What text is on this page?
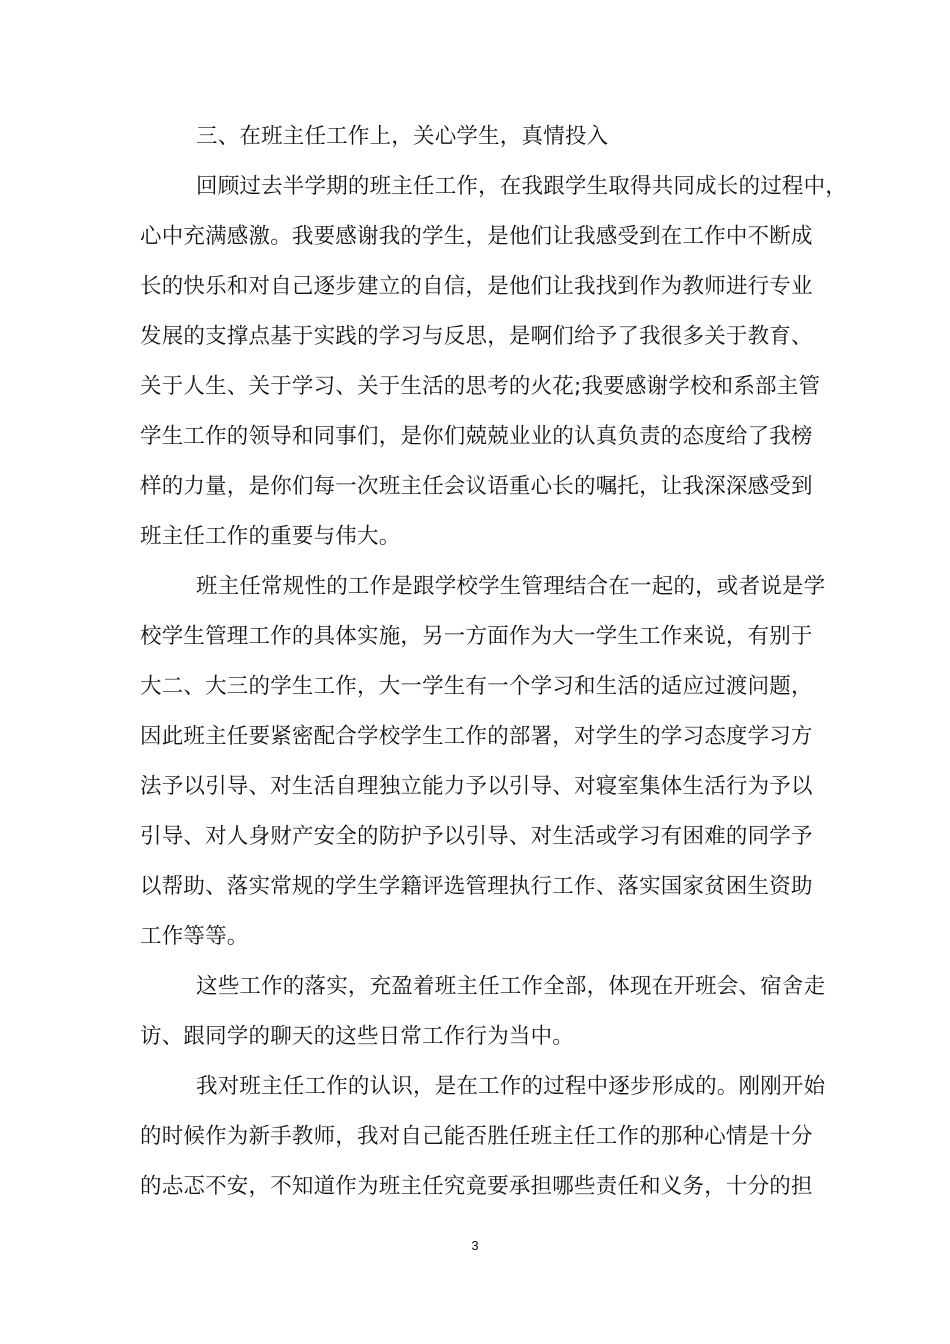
三、在班主任工作上，关心学生，真情投入
回顾过去半学期的班主任工作，在我跟学生取得共同成长的过程中，
心中充满感激。我要感谢我的学生，是他们让我感受到在工作中不断成
长的快乐和对自己逐步建立的自信，是他们让我找到作为教师进行专业
发展的支撑点基于实践的学习与反思，是啊们给予了我很多关于教育、
关于人生、关于学习、关于生活的思考的火花;我要感谢学校和系部主管
学生工作的领导和同事们，是你们兢兢业业的认真负责的态度给了我榜
样的力量，是你们每一次班主任会议语重心长的嘱托，让我深深感受到
班主任工作的重要与伟大。
班主任常规性的工作是跟学校学生管理结合在一起的，或者说是学
校学生管理工作的具体实施，另一方面作为大一学生工作来说，有别于
大二、大三的学生工作，大一学生有一个学习和生活的适应过渡问题，
因此班主任要紧密配合学校学生工作的部署，对学生的学习态度学习方
法予以引导、对生活自理独立能力予以引导、对寝室集体生活行为予以
引导、对人身财产安全的防护予以引导、对生活或学习有困难的同学予
以帮助、落实常规的学生学籍评选管理执行工作、落实国家贫困生资助
工作等等。
这些工作的落实，充盈着班主任工作全部，体现在开班会、宿舍走
访、跟同学的聊天的这些日常工作行为当中。
我对班主任工作的认识，是在工作的过程中逐步形成的。刚刚开始
的时候作为新手教师，我对自己能否胜任班主任工作的那种心情是十分
的忐忑不安，不知道作为班主任究竟要承担哪些责任和义务，十分的担
3
